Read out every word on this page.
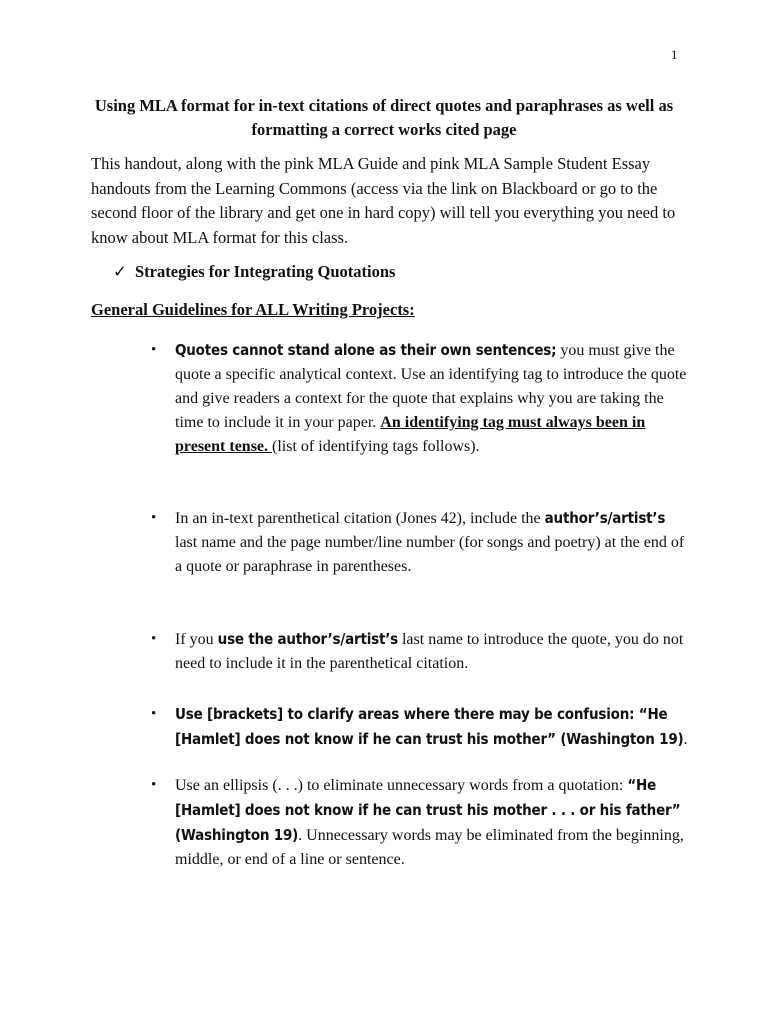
1
Using MLA format for in-text citations of direct quotes and paraphrases as well as formatting a correct works cited page
This handout, along with the pink MLA Guide and pink MLA Sample Student Essay handouts from the Learning Commons (access via the link on Blackboard or go to the second floor of the library and get one in hard copy) will tell you everything you need to know about MLA format for this class.
✓ Strategies for Integrating Quotations
General Guidelines for ALL Writing Projects:
• Quotes cannot stand alone as their own sentences; you must give the quote a specific analytical context. Use an identifying tag to introduce the quote and give readers a context for the quote that explains why you are taking the time to include it in your paper. An identifying tag must always been in present tense. (list of identifying tags follows).
• In an in-text parenthetical citation (Jones 42), include the author’s/artist’s last name and the page number/line number (for songs and poetry) at the end of a quote or paraphrase in parentheses.
• If you use the author’s/artist’s last name to introduce the quote, you do not need to include it in the parenthetical citation.
• Use [brackets] to clarify areas where there may be confusion: “He [Hamlet] does not know if he can trust his mother” (Washington 19).
• Use an ellipsis (. . .) to eliminate unnecessary words from a quotation: “He [Hamlet] does not know if he can trust his mother . . . or his father” (Washington 19). Unnecessary words may be eliminated from the beginning, middle, or end of a line or sentence.
